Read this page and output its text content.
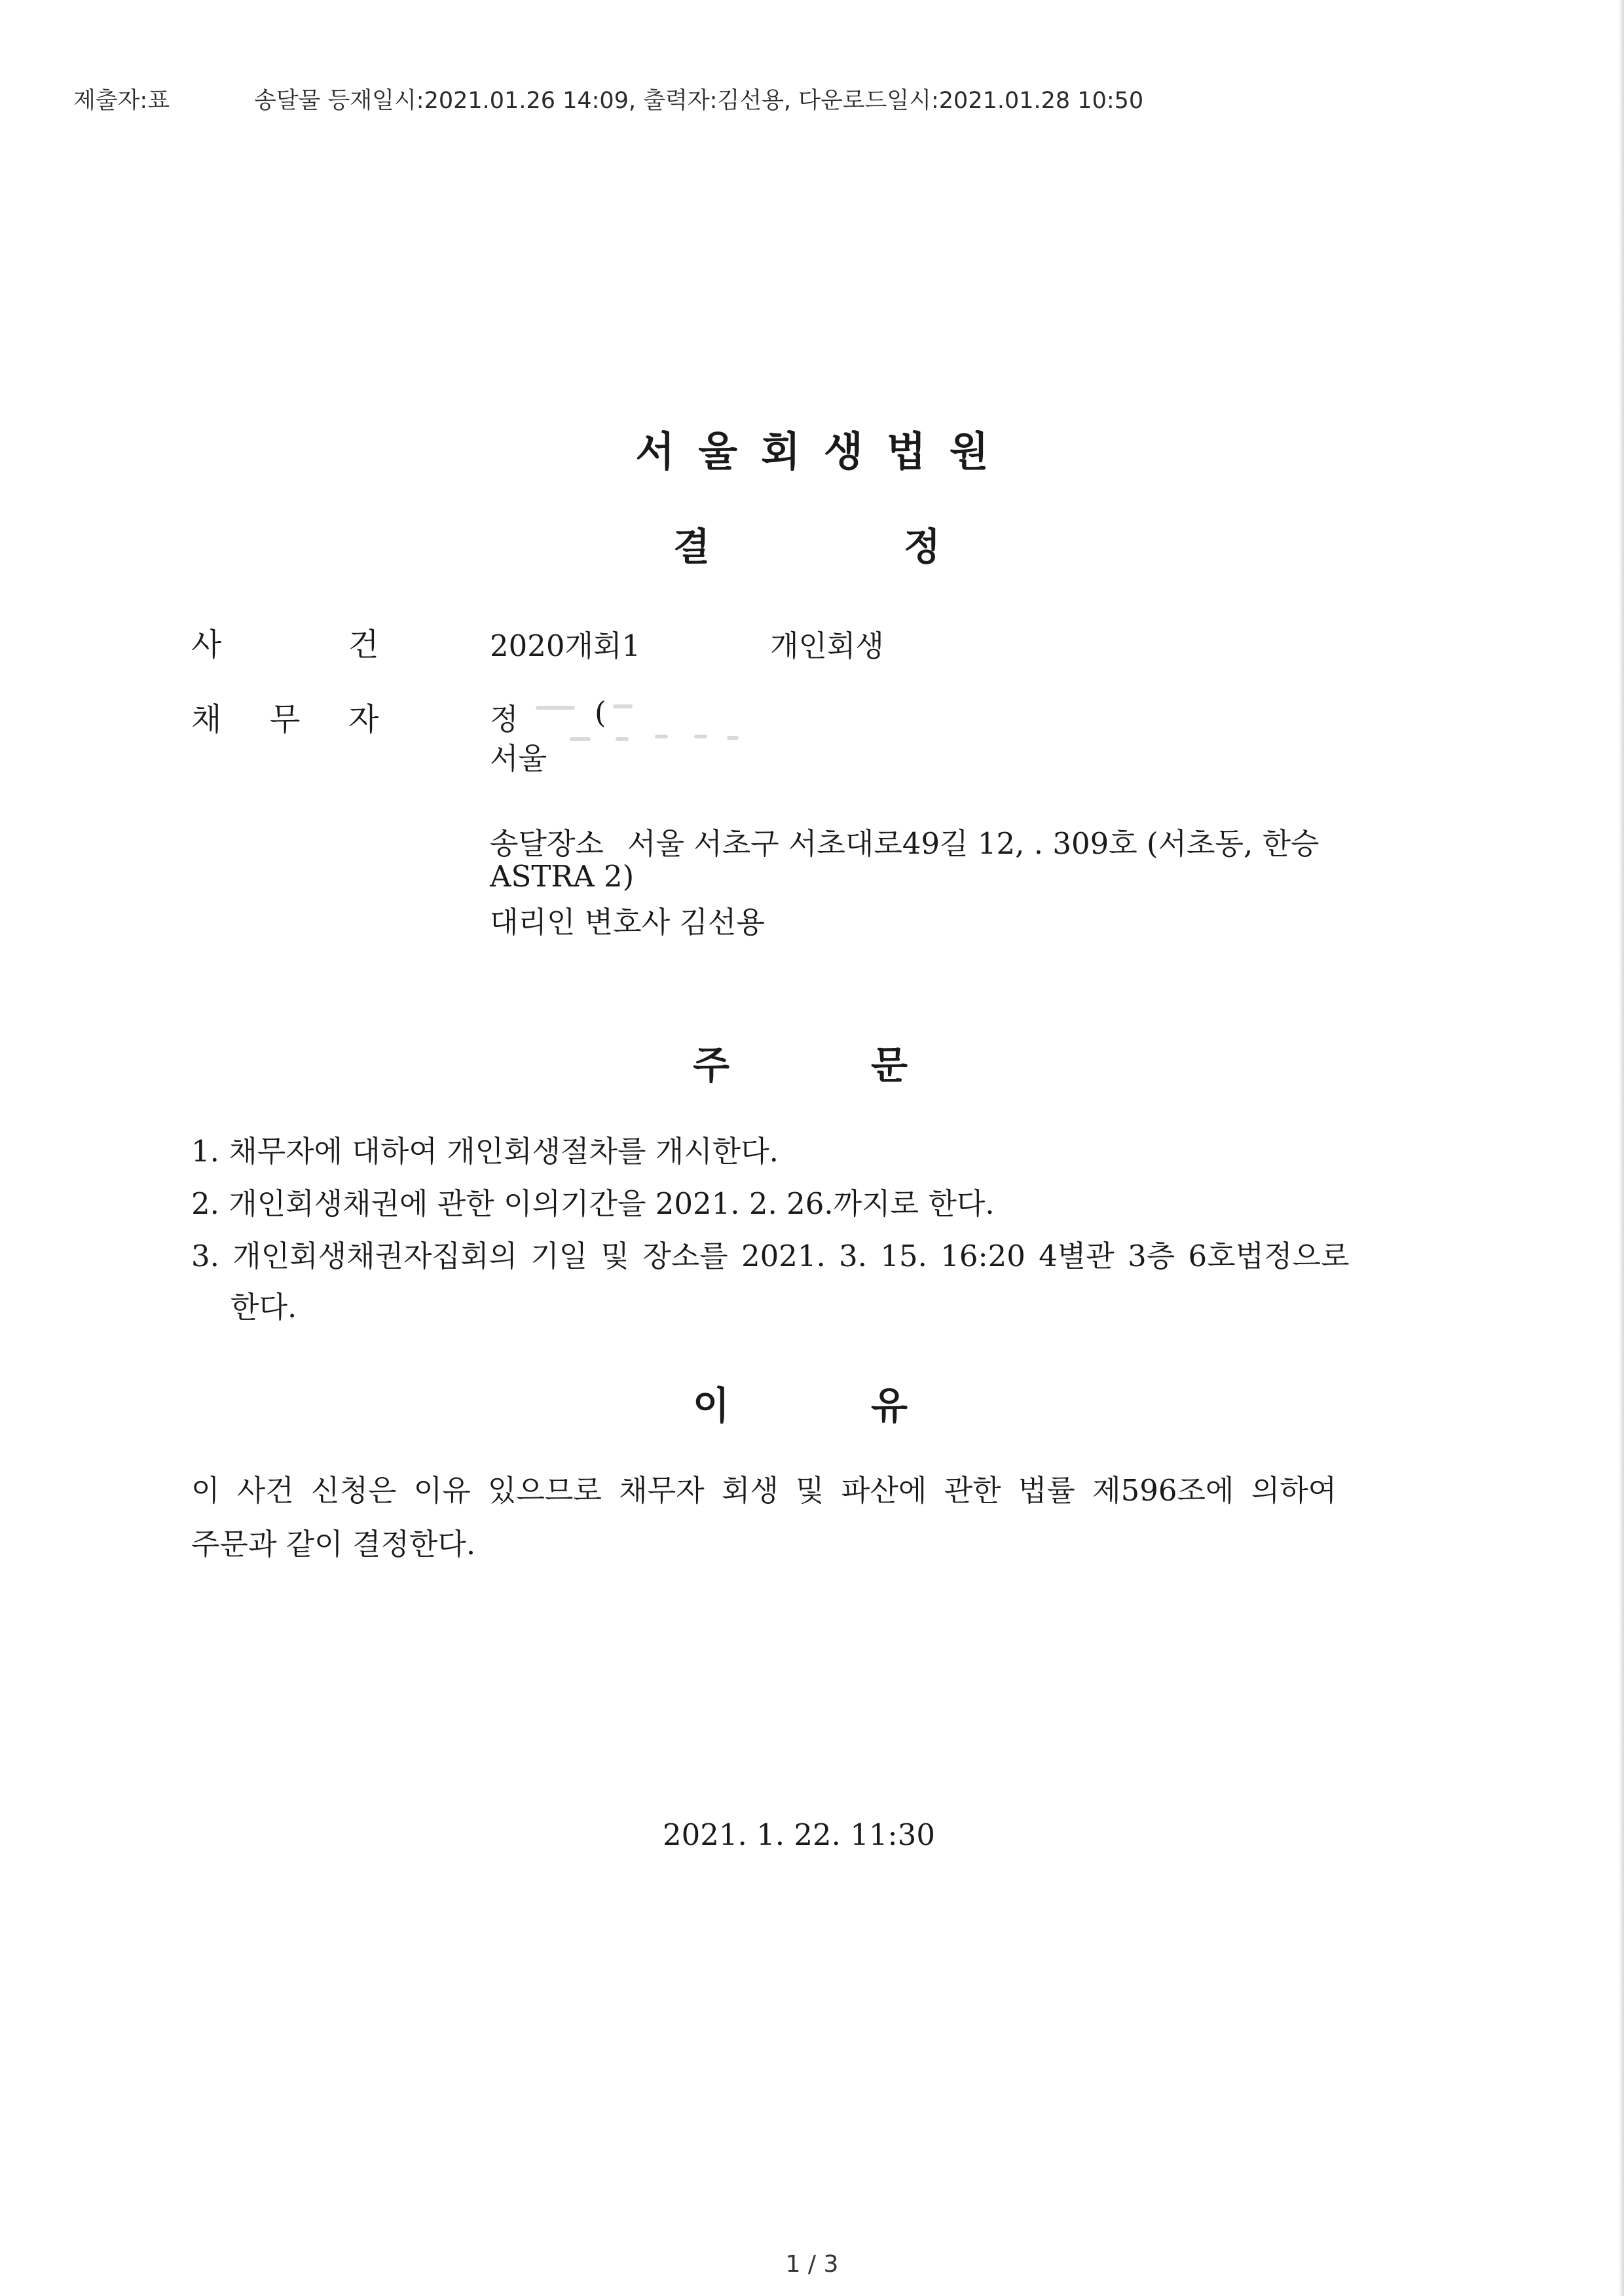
제출자:표	송달물 등재일시:2021.01.26 14:09, 출력자:김선용, 다운로드일시:2021.01.28 10:50
서울회생법원
결	정
사	건	2020개회1	개인회생
채 무 자	정	(
서울
송달장소 서울 서초구 서초대로49길 12, . 309호 (서초동, 한승
ASTRA 2)
대리인 변호사 김선용
주	문
1. 채무자에 대하여 개인회생절차를 개시한다.
2. 개인회생채권에 관한 이의기간을 2021. 2. 26.까지로 한다.
3. 개인회생채권자집회의 기일 및 장소를 2021. 3. 15. 16:20 4별관 3층 6호법정으로
한다.
이	유
이 사건 신청은 이유 있으므로 채무자 회생 및 파산에 관한 법률 제596조에 의하여
주문과 같이 결정한다.
2021. 1. 22. 11:30
1 / 3
